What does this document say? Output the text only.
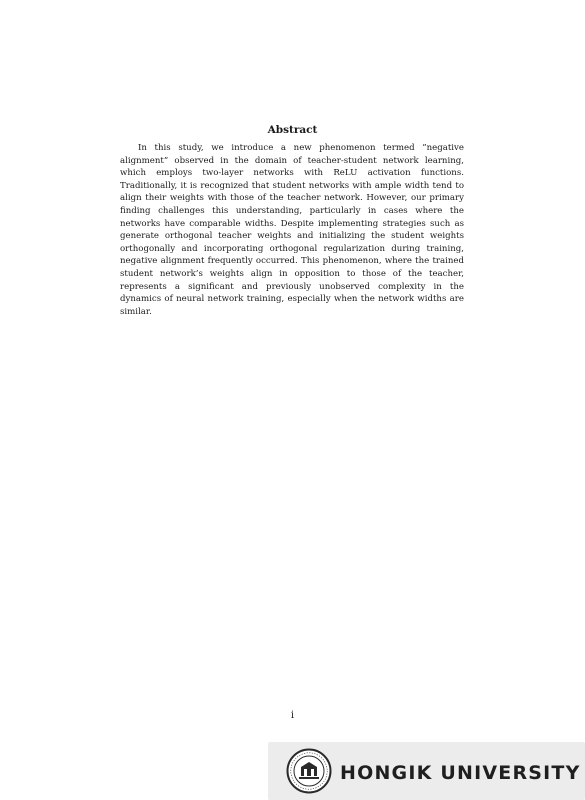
Abstract

In this study, we introduce a new phenomenon termed ”negative alignment” observed in the domain of teacher-student network learning, which employs two-layer networks with ReLU activation functions. Traditionally, it is recognized that student networks with ample width tend to align their weights with those of the teacher network. However, our primary finding challenges this understanding, particularly in cases where the networks have comparable widths. Despite implementing strategies such as generate orthogonal teacher weights and initializing the student weights orthogonally and incorporating orthogonal regularization during training, negative alignment frequently occurred. This phenomenon, where the trained student network’s weights align in opposition to those of the teacher, represents a significant and previously unobserved complexity in the dynamics of neural network training, especially when the network widths are similar.

i
HONGIK UNIVERSITY
